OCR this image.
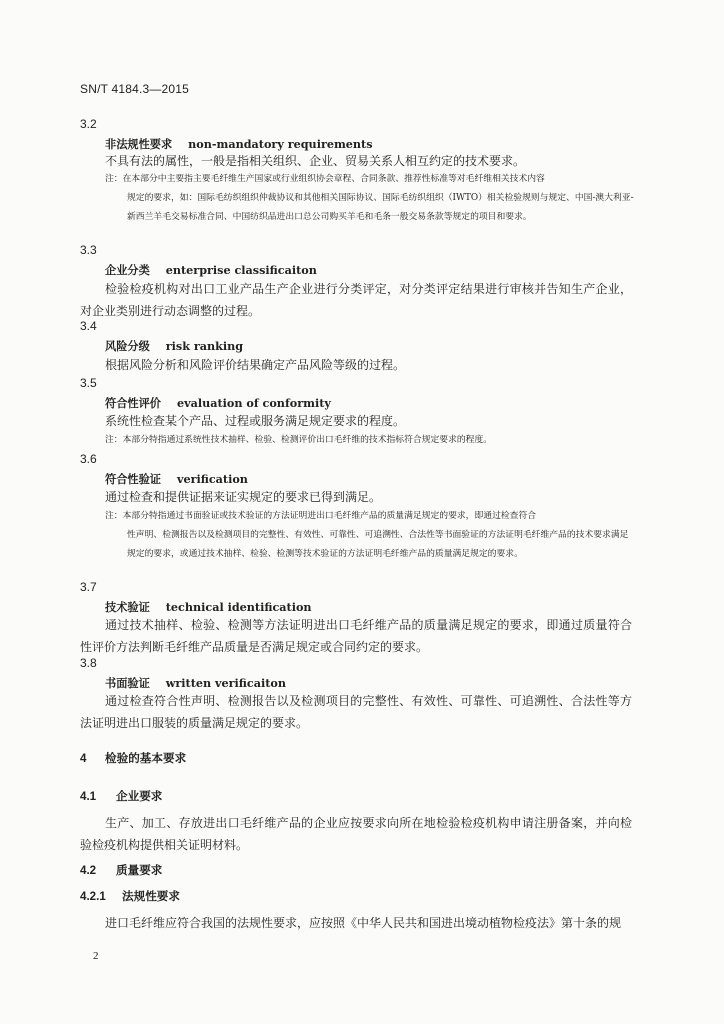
SN/T 4184.3—2015
3.2
非法规性要求 non-mandatory requirements
不具有法的属性，一般是指相关组织、企业、贸易关系人相互约定的技术要求。
注：在本部分中主要指主要毛纤维生产国家或行业组织协会章程、合同条款、推荐性标准等对毛纤维相关技术内容
规定的要求，如：国际毛纺织组织仲裁协议和其他相关国际协议、国际毛纺织组织（IWTO）相关检验规则与规定、中国-澳大利亚-新西兰羊毛交易标准合同、中国纺织品进出口总公司购买羊毛和毛条一般交易条款等规定的项目和要求。
3.3
企业分类 enterprise classificaiton
检验检疫机构对出口工业产品生产企业进行分类评定，对分类评定结果进行审核并告知生产企业，对企业类别进行动态调整的过程。
3.4
风险分级 risk ranking
根据风险分析和风险评价结果确定产品风险等级的过程。
3.5
符合性评价 evaluation of conformity
系统性检查某个产品、过程或服务满足规定要求的程度。
注：本部分特指通过系统性技术抽样、检验、检测评价出口毛纤维的技术指标符合规定要求的程度。
3.6
符合性验证 verification
通过检查和提供证据来证实规定的要求已得到满足。
注：本部分特指通过书面验证或技术验证的方法证明进出口毛纤维产品的质量满足规定的要求，即通过检查符合
性声明、检测报告以及检测项目的完整性、有效性、可靠性、可追溯性、合法性等书面验证的方法证明毛纤维产品的技术要求满足规定的要求，或通过技术抽样、检验、检测等技术验证的方法证明毛纤维产品的质量满足规定的要求。
3.7
技术验证 technical identification
通过技术抽样、检验、检测等方法证明进出口毛纤维产品的质量满足规定的要求，即通过质量符合性评价方法判断毛纤维产品质量是否满足规定或合同约定的要求。
3.8
书面验证 written verificaiton
通过检查符合性声明、检测报告以及检测项目的完整性、有效性、可靠性、可追溯性、合法性等方法证明进出口服装的质量满足规定的要求。
4 检验的基本要求
4.1 企业要求
生产、加工、存放进出口毛纤维产品的企业应按要求向所在地检验检疫机构申请注册备案，并向检验检疫机构提供相关证明材料。
4.2 质量要求
4.2.1 法规性要求
进口毛纤维应符合我国的法规性要求，应按照《中华人民共和国进出境动植物检疫法》第十条的规
2
